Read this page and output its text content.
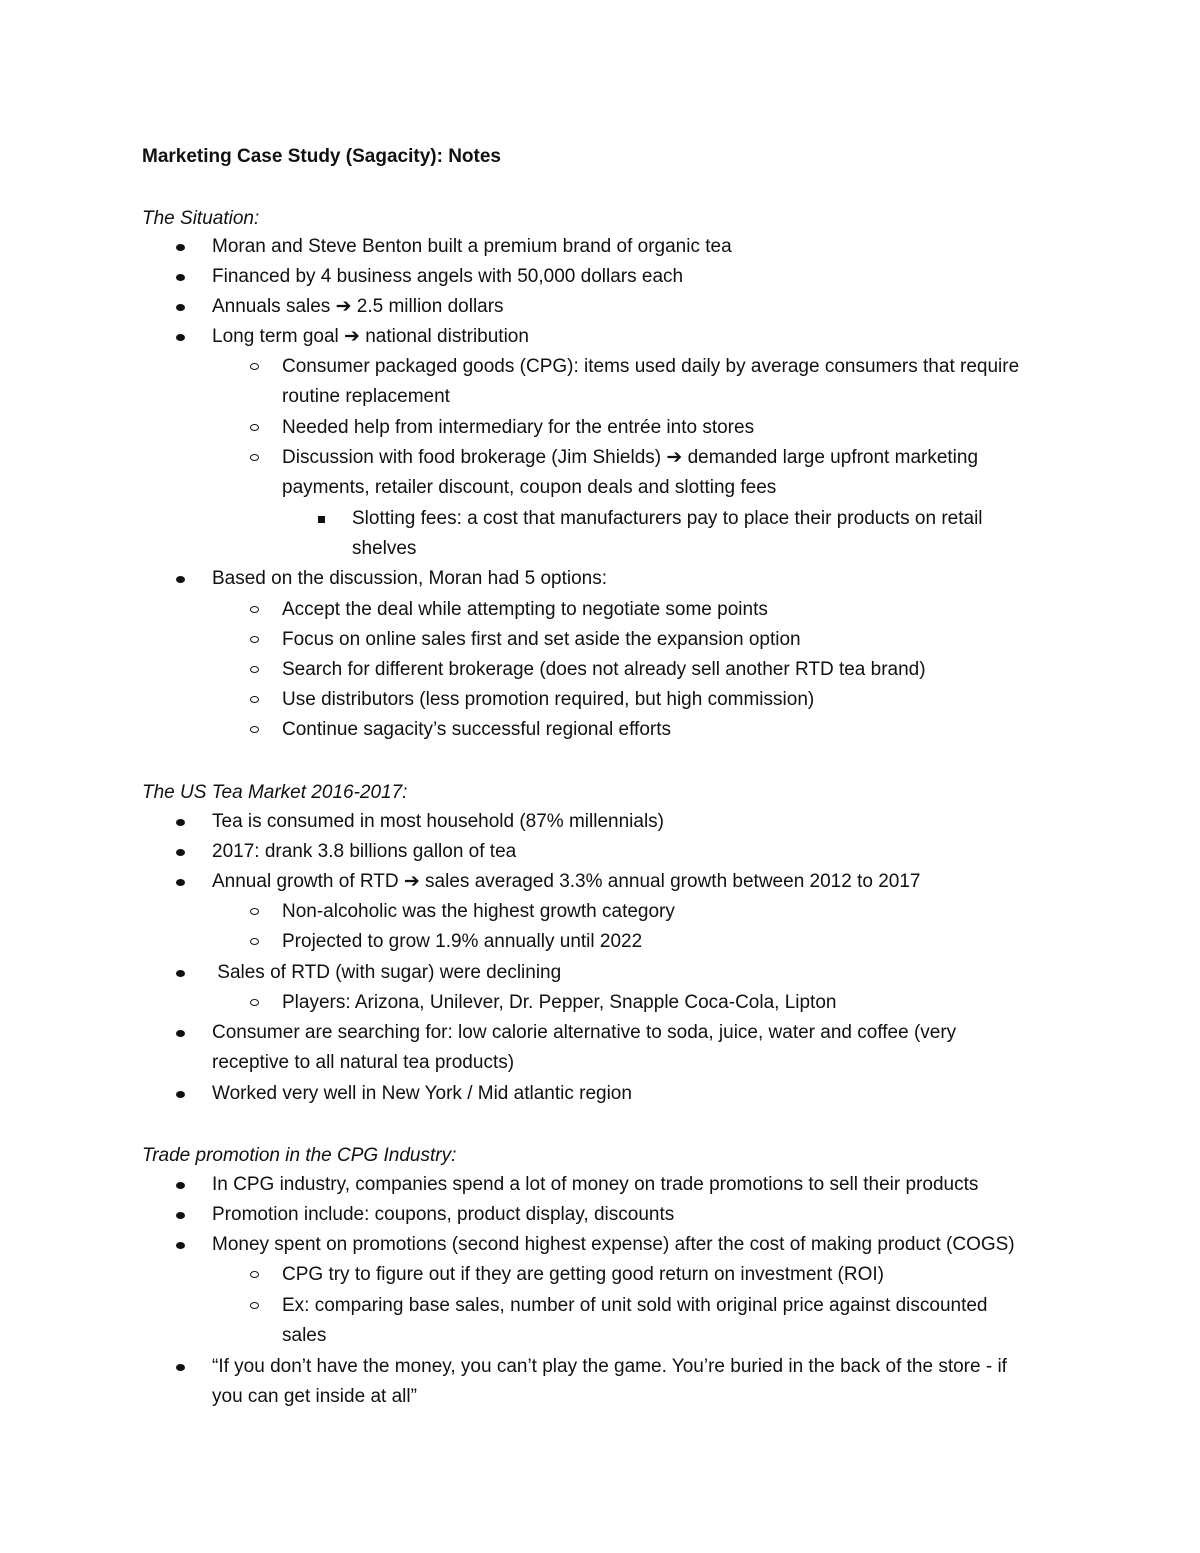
Marketing Case Study (Sagacity): Notes
The Situation:
Moran and Steve Benton built a premium brand of organic tea
Financed by 4 business angels with 50,000 dollars each
Annuals sales ➔ 2.5 million dollars
Long term goal ➔ national distribution
Consumer packaged goods (CPG): items used daily by average consumers that require
routine replacement
Needed help from intermediary for the entrée into stores
Discussion with food brokerage (Jim Shields) ➔ demanded large upfront marketing
payments, retailer discount, coupon deals and slotting fees
Slotting fees: a cost that manufacturers pay to place their products on retail
shelves
Based on the discussion, Moran had 5 options:
Accept the deal while attempting to negotiate some points
Focus on online sales first and set aside the expansion option
Search for different brokerage (does not already sell another RTD tea brand)
Use distributors (less promotion required, but high commission)
Continue sagacity’s successful regional efforts
The US Tea Market 2016-2017:
Tea is consumed in most household (87% millennials)
2017: drank 3.8 billions gallon of tea
Annual growth of RTD ➔ sales averaged 3.3% annual growth between 2012 to 2017
Non-alcoholic was the highest growth category
Projected to grow 1.9% annually until 2022
Sales of RTD (with sugar) were declining
Players: Arizona, Unilever, Dr. Pepper, Snapple Coca-Cola, Lipton
Consumer are searching for: low calorie alternative to soda, juice, water and coffee (very
receptive to all natural tea products)
Worked very well in New York / Mid atlantic region
Trade promotion in the CPG Industry:
In CPG industry, companies spend a lot of money on trade promotions to sell their products
Promotion include: coupons, product display, discounts
Money spent on promotions (second highest expense) after the cost of making product (COGS)
CPG try to figure out if they are getting good return on investment (ROI)
Ex: comparing base sales, number of unit sold with original price against discounted
sales
“If you don’t have the money, you can’t play the game. You’re buried in the back of the store - if
you can get inside at all”
